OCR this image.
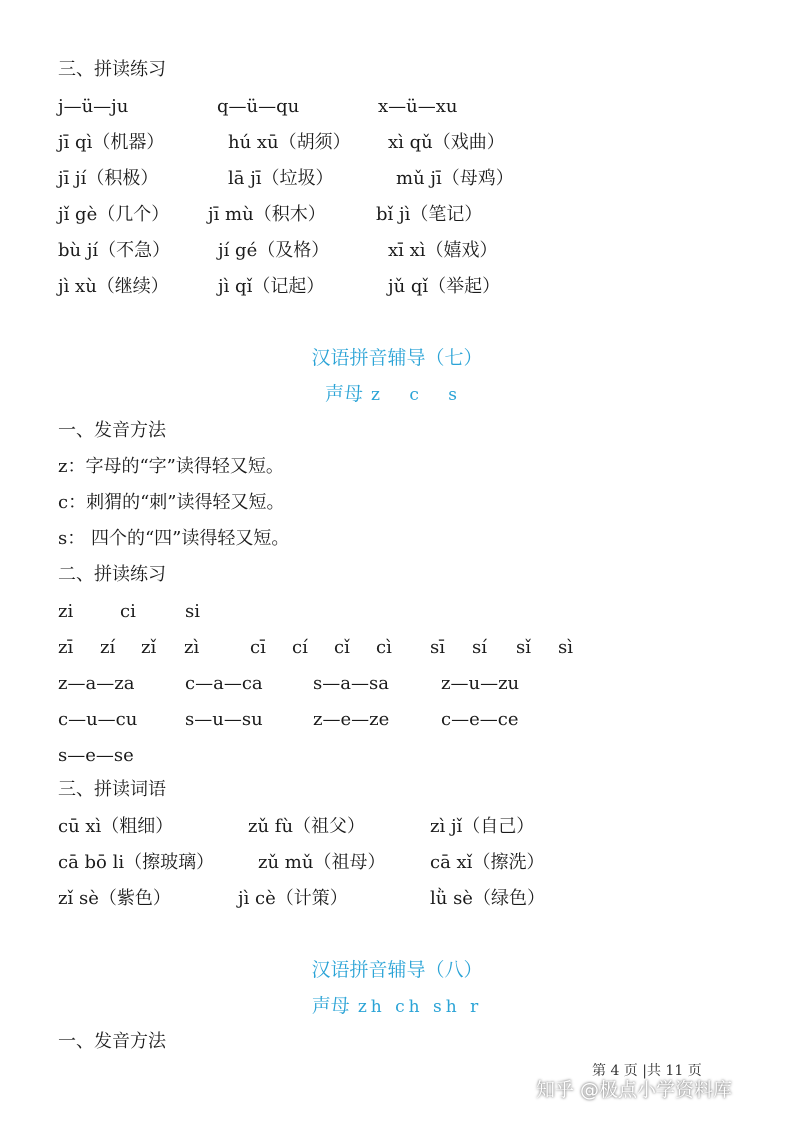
三、拼读练习
j—ü—ju	q—ü—qu	x—ü—xu
jī qì（机器）	hú xū（胡须） xì qǔ（戏曲）
jī jí（积极）	lā jī（垃圾）	mǔ jī（母鸡）
jǐ gè（几个） jī mù（积木）	bǐ jì（笔记）
bù jí（不急）	jí gé（及格）	xī xì（嬉戏）
jì xù（继续）	jì qǐ（记起）	jǔ qǐ（举起）
汉语拼音辅导（七）
声母 z c s
一、发音方法
z：字母的“字”读得轻又短。
c：刺猬的“刺”读得轻又短。
s： 四个的“四”读得轻又短。
二、拼读练习
zi	ci	si
zī zí zǐ zì	cī cí cǐ cì sī sí sǐ sì
z—a—za	c—a—ca	s—a—sa	z—u—zu
c—u—cu	s—u—su	z—e—ze	c—e—ce
s—e—se
三、拼读词语
cū xì（粗细）	zǔ fù（祖父）	zì jǐ（自己）
cā bō li（擦玻璃） zǔ mǔ（祖母） cā xǐ（擦洗）
zǐ sè（紫色）	jì cè（计策）	lǜ sè（绿色）
汉语拼音辅导（八）
声母 zh ch sh r
一、发音方法
第 4 页 |共 11 页
知乎 @极点小学资料库
